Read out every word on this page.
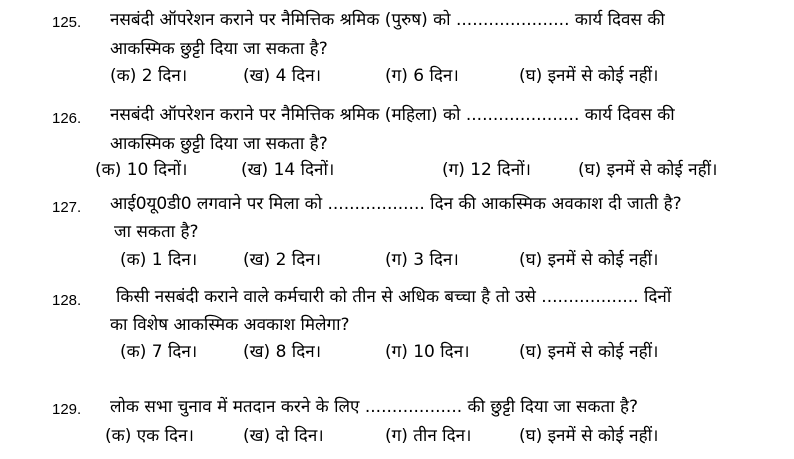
125. नसबंदी ऑपरेशन कराने पर नैमित्तिक श्रमिक (पुरुष) को ..................... कार्य दिवस की
आकस्मिक छुट्टी दिया जा सकता है?
(क) 2 दिन।	(ख) 4 दिन।	(ग) 6 दिन।	(घ) इनमें से कोई नहीं।
126. नसबंदी ऑपरेशन कराने पर नैमित्तिक श्रमिक (महिला) को ..................... कार्य दिवस की
आकस्मिक छुट्टी दिया जा सकता है?
(क) 10 दिनों।	(ख) 14 दिनों।	(ग) 12 दिनों।	(घ) इनमें से कोई नहीं।
127. आई0यू0डी0 लगवाने पर मिला को .................. दिन की आकस्मिक अवकाश दी जाती है?
जा सकता है?
(क) 1 दिन।	(ख) 2 दिन।	(ग) 3 दिन।	(घ) इनमें से कोई नहीं।
128. किसी नसबंदी कराने वाले कर्मचारी को तीन से अधिक बच्चा है तो उसे .................. दिनों
का विशेष आकस्मिक अवकाश मिलेगा?
(क) 7 दिन।	(ख) 8 दिन।	(ग) 10 दिन।	(घ) इनमें से कोई नहीं।
129. लोक सभा चुनाव में मतदान करने के लिए .................. की छुट्टी दिया जा सकता है?
(क) एक दिन।	(ख) दो दिन।	(ग) तीन दिन।	(घ) इनमें से कोई नहीं।
